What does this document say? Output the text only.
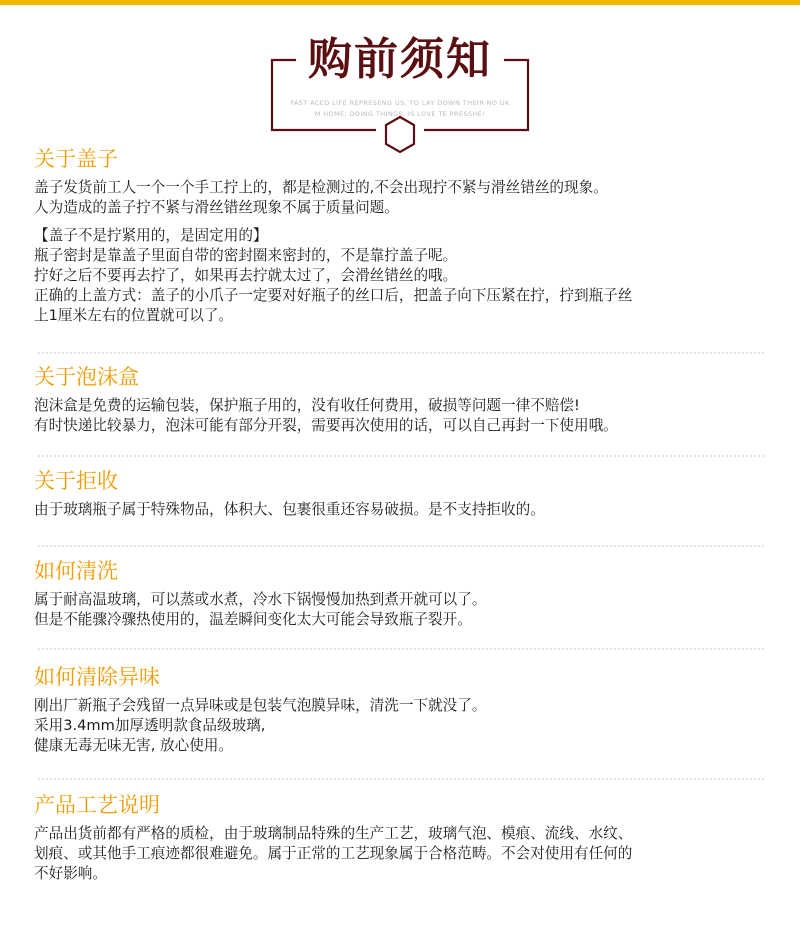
购前须知
FAST ACED LIFE REPRESENG US, TO LAY DOWN THEIR NO UK
M HOME, DOING THINGS, IS LOVE TE PRESSHE!
关于盖子
盖子发货前工人一个一个手工拧上的，都是检测过的,不会出现拧不紧与滑丝错丝的现象。
人为造成的盖子拧不紧与滑丝错丝现象不属于质量问题。
【盖子不是拧紧用的，是固定用的】
瓶子密封是靠盖子里面自带的密封圈来密封的，不是靠拧盖子呢。
拧好之后不要再去拧了，如果再去拧就太过了，会滑丝错丝的哦。
正确的上盖方式：盖子的小爪子一定要对好瓶子的丝口后，把盖子向下压紧在拧，拧到瓶子丝
上1厘米左右的位置就可以了。
关于泡沫盒
泡沫盒是免费的运输包装，保护瓶子用的，没有收任何费用，破损等问题一律不赔偿!
有时快递比较暴力，泡沫可能有部分开裂，需要再次使用的话，可以自己再封一下使用哦。
关于拒收
由于玻璃瓶子属于特殊物品，体积大、包裹很重还容易破损。是不支持拒收的。
如何清洗
属于耐高温玻璃，可以蒸或水煮，冷水下锅慢慢加热到煮开就可以了。
但是不能骤冷骤热使用的，温差瞬间变化太大可能会导致瓶子裂开。
如何清除异味
刚出厂新瓶子会残留一点异味或是包装气泡膜异味，清洗一下就没了。
采用3.4mm加厚透明款食品级玻璃,
健康无毒无味无害, 放心使用。
产品工艺说明
产品出货前都有严格的质检，由于玻璃制品特殊的生产工艺，玻璃气泡、模痕、流线、水纹、
划痕、或其他手工痕迹都很难避免。属于正常的工艺现象属于合格范畴。不会对使用有任何的
不好影响。
